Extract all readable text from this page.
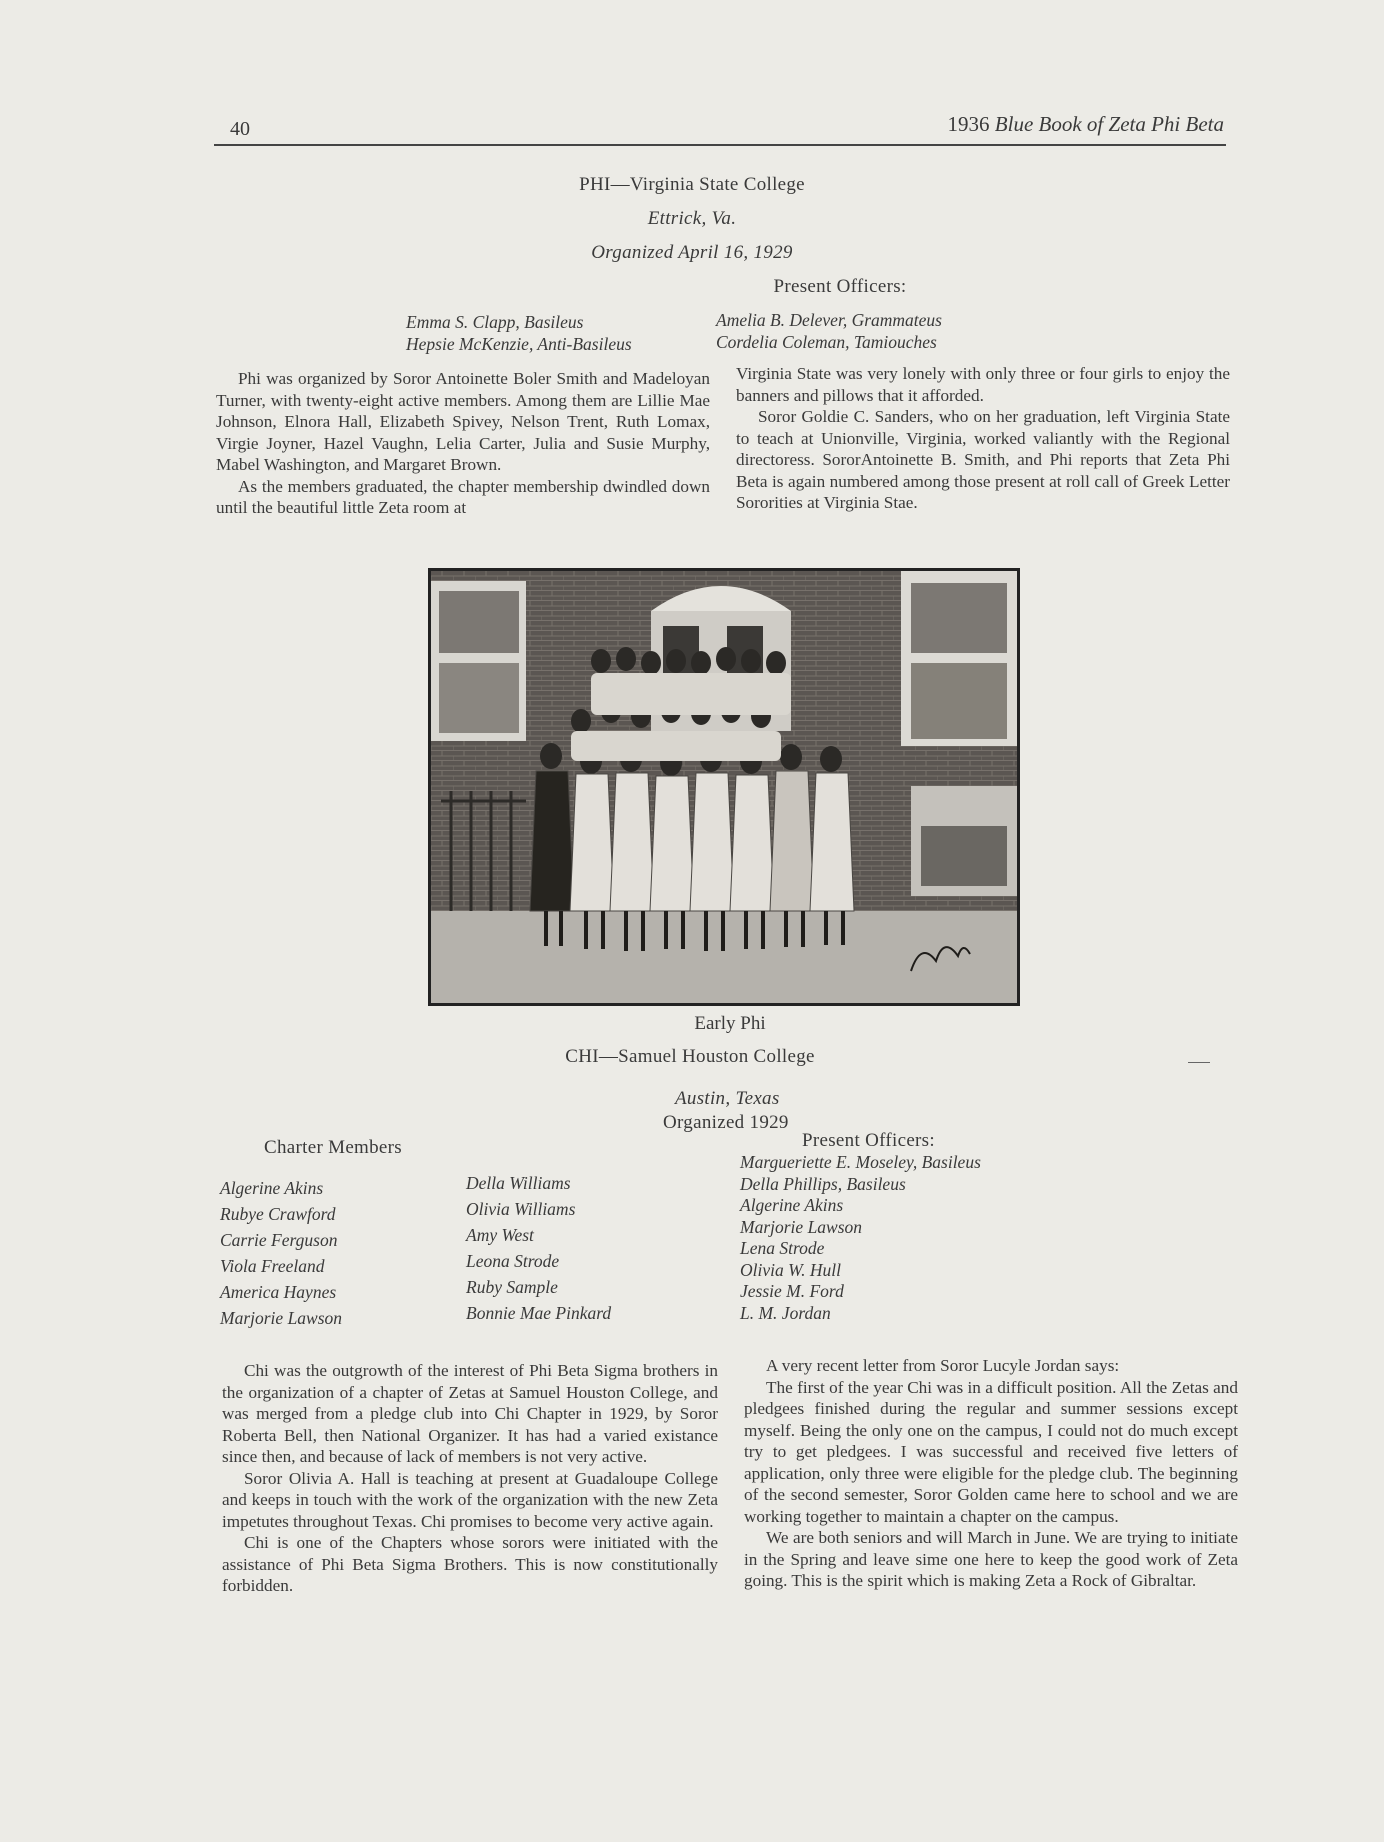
40	1936 Blue Book of Zeta Phi Beta
PHI—Virginia State College
Ettrick, Va.
Organized April 16, 1929
Present Officers:
Emma S. Clapp, Basileus
Hepsie McKenzie, Anti-Basileus
Amelia B. Delever, Grammateus
Cordelia Coleman, Tamiouches

Phi was organized by Soror Antoinette Boler Smith and Madeloyan Turner, with twenty-eight active members. Among them are Lillie Mae Johnson, Elnora Hall, Elizabeth Spivey, Nelson Trent, Ruth Lomax, Virgie Joyner, Hazel Vaughn, Lelia Carter, Julia and Susie Murphy, Mabel Washington, and Margaret Brown.

As the members graduated, the chapter membership dwindled down until the beautiful little Zeta room at

Virginia State was very lonely with only three or four girls to enjoy the banners and pillows that it afforded.

Soror Goldie C. Sanders, who on her graduation, left Virginia State to teach at Unionville, Virginia, worked valiantly with the Regional directoress. SororAntoinette B. Smith, and Phi reports that Zeta Phi Beta is again numbered among those present at roll call of Greek Letter Sororities at Virginia Stae.

Early Phi
CHI—Samuel Houston College
Austin, Texas
Organized 1929
Charter Members
Algerine Akins
Rubye Crawford
Carrie Ferguson
Viola Freeland
America Haynes
Marjorie Lawson
Della Williams
Olivia Williams
Amy West
Leona Strode
Ruby Sample
Bonnie Mae Pinkard
Present Officers:
Margueriette E. Moseley, Basileus
Della Phillips, Basileus
Algerine Akins
Marjorie Lawson
Lena Strode
Olivia W. Hull
Jessie M. Ford
L. M. Jordan

Chi was the outgrowth of the interest of Phi Beta Sigma brothers in the organization of a chapter of Zetas at Samuel Houston College, and was merged from a pledge club into Chi Chapter in 1929, by Soror Roberta Bell, then National Organizer. It has had a varied existance since then, and because of lack of members is not very active.

Soror Olivia A. Hall is teaching at present at Guadaloupe College and keeps in touch with the work of the organization with the new Zeta impetutes throughout Texas. Chi promises to become very active again.

Chi is one of the Chapters whose sorors were initiated with the assistance of Phi Beta Sigma Brothers. This is now constitutionally forbidden.

A very recent letter from Soror Lucyle Jordan says:

The first of the year Chi was in a difficult position. All the Zetas and pledgees finished during the regular and summer sessions except myself. Being the only one on the campus, I could not do much except try to get pledgees. I was successful and received five letters of application, only three were eligible for the pledge club. The beginning of the second semester, Soror Golden came here to school and we are working together to maintain a chapter on the campus.

We are both seniors and will March in June. We are trying to initiate in the Spring and leave sime one here to keep the good work of Zeta going. This is the spirit which is making Zeta a Rock of Gibraltar.
